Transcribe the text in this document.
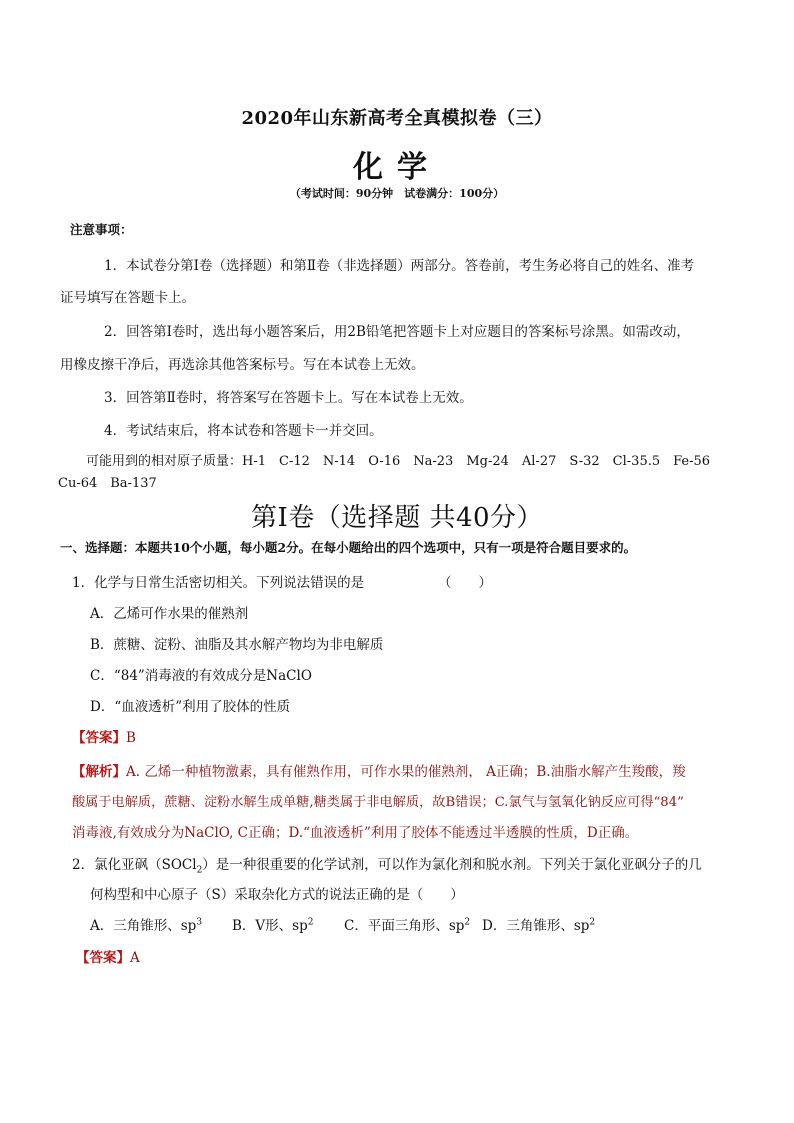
2020年山东新高考全真模拟卷（三）
化学
（考试时间：90分钟　试卷满分：100分）
注意事项：
1．本试卷分第Ⅰ卷（选择题）和第Ⅱ卷（非选择题）两部分。答卷前，考生务必将自己的姓名、准考
证号填写在答题卡上。
2．回答第Ⅰ卷时，选出每小题答案后，用2B铅笔把答题卡上对应题目的答案标号涂黑。如需改动，
用橡皮擦干净后，再选涂其他答案标号。写在本试卷上无效。
3．回答第Ⅱ卷时，将答案写在答题卡上。写在本试卷上无效。
4．考试结束后，将本试卷和答题卡一并交回。
可能用到的相对原子质量：H-1　C-12　N-14　O-16　Na-23　Mg-24　Al-27　S-32　Cl-35.5　Fe-56
Cu-64　Ba-137
第Ⅰ卷（选择题 共40分）
一、选择题：本题共10个小题，每小题2分。在每小题给出的四个选项中，只有一项是符合题目要求的。
1．化学与日常生活密切相关。下列说法错误的是	（　　）
A．乙烯可作水果的催熟剂
B．蔗糖、淀粉、油脂及其水解产物均为非电解质
C．“84”消毒液的有效成分是NaClO
D．“血液透析”利用了胶体的性质
【答案】B
【解析】A. 乙烯一种植物激素，具有催熟作用，可作水果的催熟剂， A正确；B.油脂水解产生羧酸，羧
酸属于电解质，蔗糖、淀粉水解生成单糖,糖类属于非电解质，故B错误；C.氯气与氢氧化钠反应可得“84”
消毒液,有效成分为NaClO, C正确；D.“血液透析”利用了胶体不能透过半透膜的性质，D正确。
2．氯化亚砜（SOCl$_2$）是一种很重要的化学试剂，可以作为氯化剂和脱水剂。下列关于氯化亚砜分子的几
何构型和中心原子（S）采取杂化方式的说法正确的是（　　）
A．三角锥形、$sp^3$ B．V形、$sp^2$ C．平面三角形、$sp^2$ D．三角锥形、$sp^2$
【答案】A
